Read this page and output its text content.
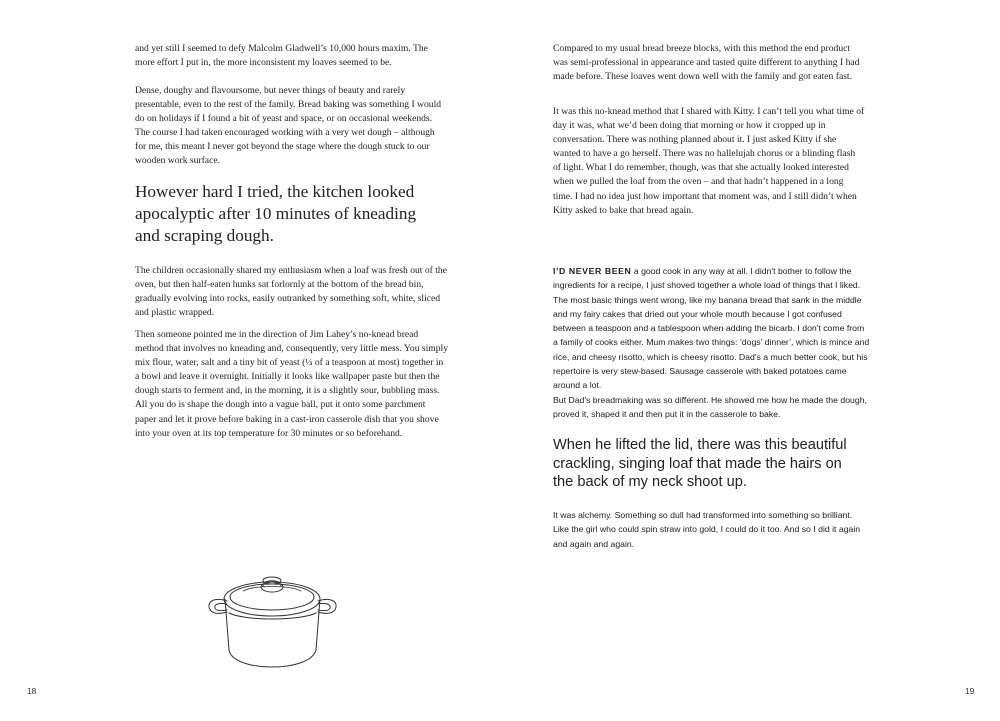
and yet still I seemed to defy Malcolm Gladwell’s 10,000 hours maxim. The more effort I put in, the more inconsistent my loaves seemed to be.

Dense, doughy and flavoursome, but never things of beauty and rarely presentable, even to the rest of the family. Bread baking was something I would do on holidays if I found a bit of yeast and space, or on occasional weekends. The course I had taken encouraged working with a very wet dough – although for me, this meant I never got beyond the stage where the dough stuck to our wooden work surface.

However hard I tried, the kitchen looked apocalyptic after 10 minutes of kneading and scraping dough.

The children occasionally shared my enthusiasm when a loaf was fresh out of the oven, but then half-eaten hunks sat forlornly at the bottom of the bread bin, gradually evolving into rocks, easily outranked by something soft, white, sliced and plastic wrapped.

Then someone pointed me in the direction of Jim Lahey’s no-knead bread method that involves no kneading and, consequently, very little mess. You simply mix flour, water, salt and a tiny bit of yeast (¼ of a teaspoon at most) together in a bowl and leave it overnight. Initially it looks like wallpaper paste but then the dough starts to ferment and, in the morning, it is a slightly sour, bubbling mass. All you do is shape the dough into a vague ball, put it onto some parchment paper and let it prove before baking in a cast-iron casserole dish that you shove into your oven at its top temperature for 30 minutes or so beforehand.

18

Compared to my usual bread breeze blocks, with this method the end product was semi-professional in appearance and tasted quite different to anything I had made before. These loaves went down well with the family and got eaten fast.

It was this no-knead method that I shared with Kitty. I can’t tell you what time of day it was, what we’d been doing that morning or how it cropped up in conversation. There was nothing planned about it. I just asked Kitty if she wanted to have a go herself. There was no hallelujah chorus or a blinding flash of light. What I do remember, though, was that she actually looked interested when we pulled the loaf from the oven – and that hadn’t happened in a long time. I had no idea just how important that moment was, and I still didn’t when Kitty asked to bake that bread again.

I’D NEVER BEEN a good cook in any way at all. I didn't bother to follow the ingredients for a recipe, I just shoved together a whole load of things that I liked. The most basic things went wrong, like my banana bread that sank in the middle and my fairy cakes that dried out your whole mouth because I got confused between a teaspoon and a tablespoon when adding the bicarb. I don't come from a family of cooks either. Mum makes two things: ‘dogs’ dinner’, which is mince and rice, and cheesy risotto, which is cheesy risotto. Dad's a much better cook, but his repertoire is very stew-based. Sausage casserole with baked potatoes came around a lot.

But Dad's breadmaking was so different. He showed me how he made the dough, proved it, shaped it and then put it in the casserole to bake.

When he lifted the lid, there was this beautiful crackling, singing loaf that made the hairs on the back of my neck shoot up.

It was alchemy. Something so dull had transformed into something so brilliant. Like the girl who could spin straw into gold, I could do it too. And so I did it again and again and again.

19
